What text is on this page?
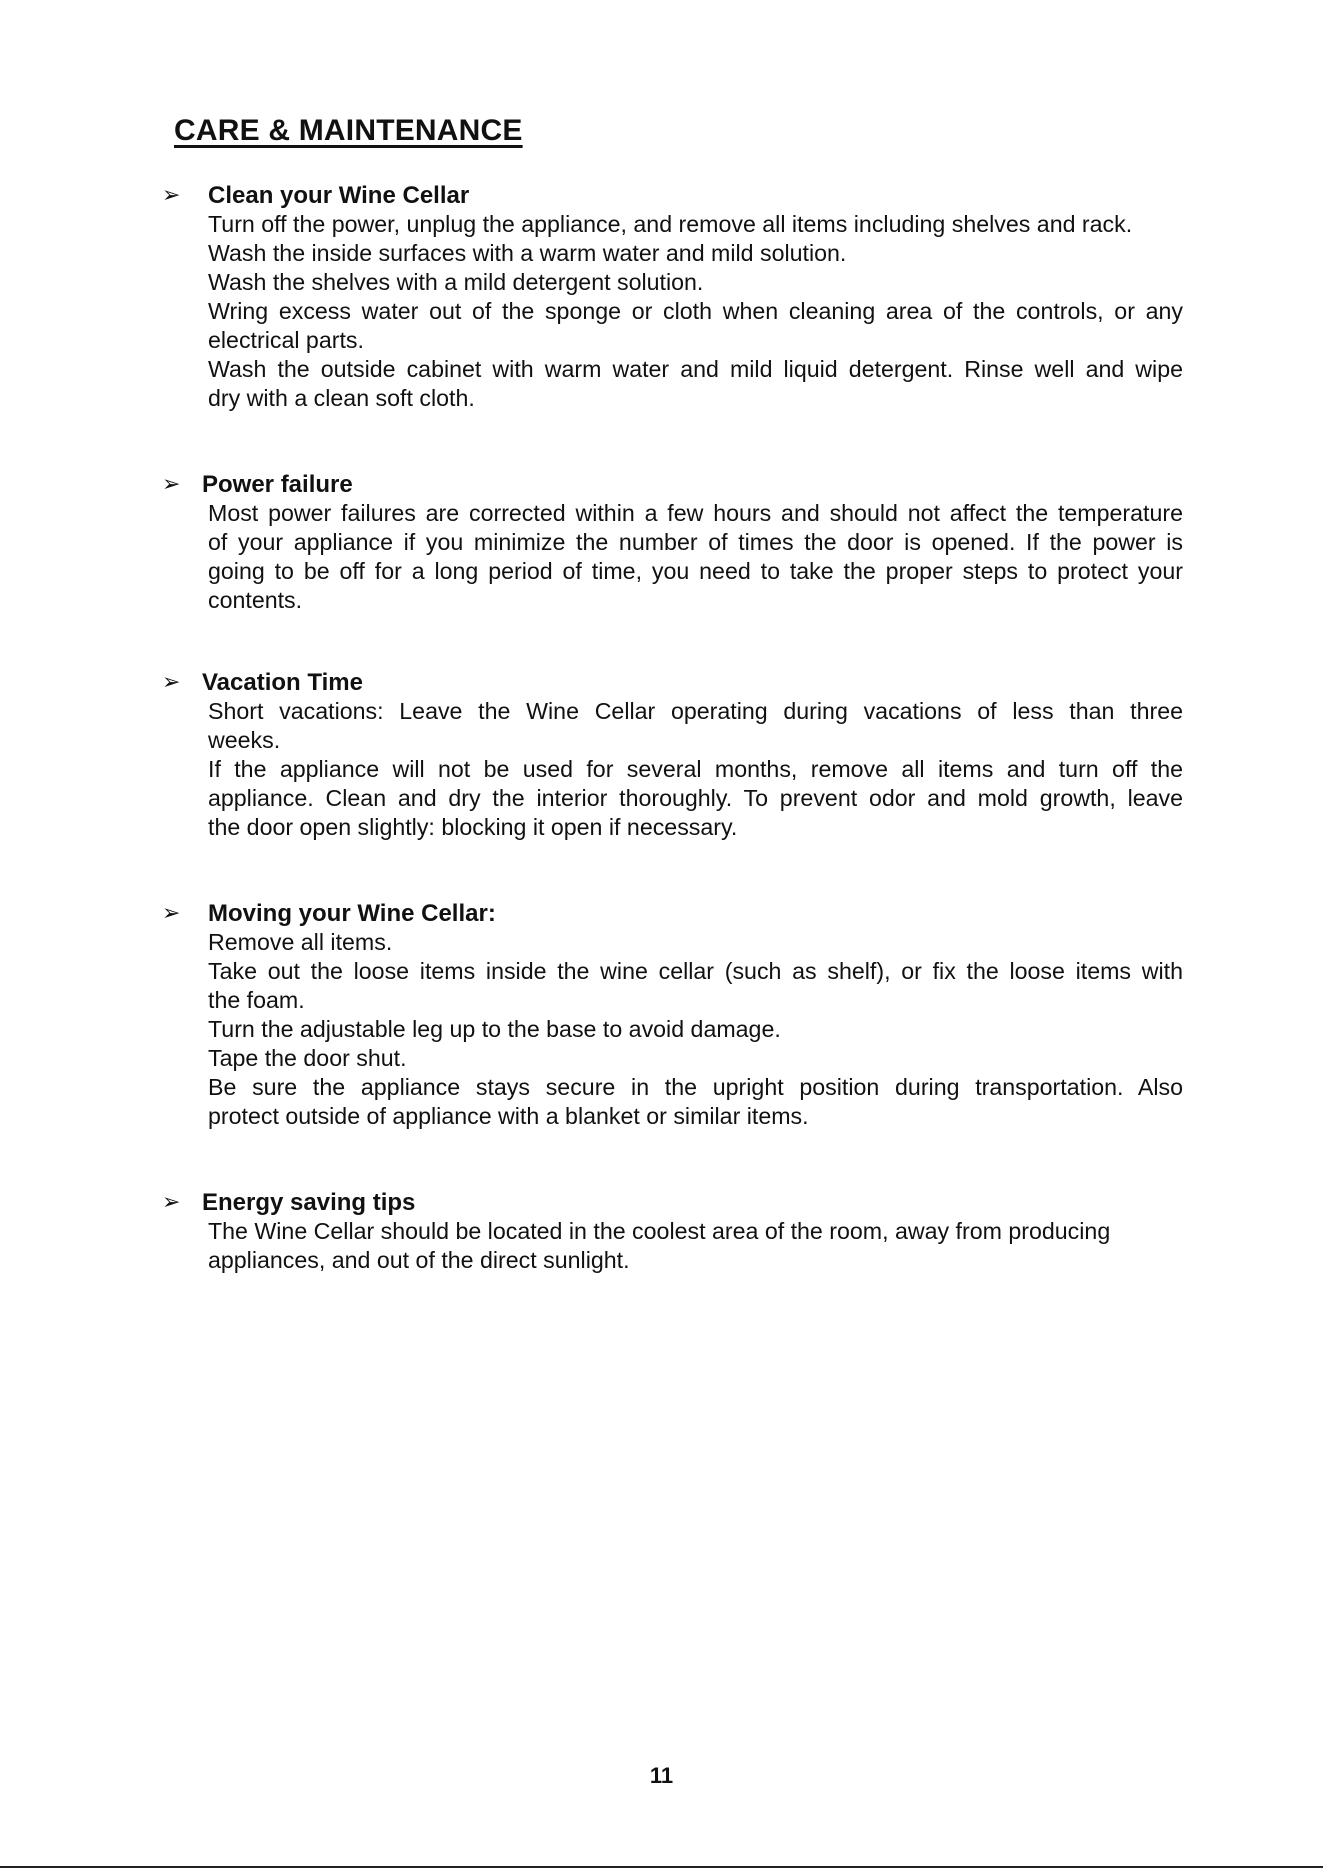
CARE & MAINTENANCE
➢ Clean your Wine Cellar
Turn off the power, unplug the appliance, and remove all items including shelves and rack.
Wash the inside surfaces with a warm water and mild solution.
Wash the shelves with a mild detergent solution.
Wring excess water out of the sponge or cloth when cleaning area of the controls, or any
electrical parts.
Wash the outside cabinet with warm water and mild liquid detergent. Rinse well and wipe
dry with a clean soft cloth.
➢ Power failure
Most power failures are corrected within a few hours and should not affect the temperature
of your appliance if you minimize the number of times the door is opened. If the power is
going to be off for a long period of time, you need to take the proper steps to protect your
contents.
➢ Vacation Time
Short vacations: Leave the Wine Cellar operating during vacations of less than three
weeks.
If the appliance will not be used for several months, remove all items and turn off the
appliance. Clean and dry the interior thoroughly. To prevent odor and mold growth, leave
the door open slightly: blocking it open if necessary.
➢ Moving your Wine Cellar:
Remove all items.
Take out the loose items inside the wine cellar (such as shelf), or fix the loose items with
the foam.
Turn the adjustable leg up to the base to avoid damage.
Tape the door shut.
Be sure the appliance stays secure in the upright position during transportation. Also
protect outside of appliance with a blanket or similar items.
➢ Energy saving tips
The Wine Cellar should be located in the coolest area of the room, away from producing
appliances, and out of the direct sunlight.
11
